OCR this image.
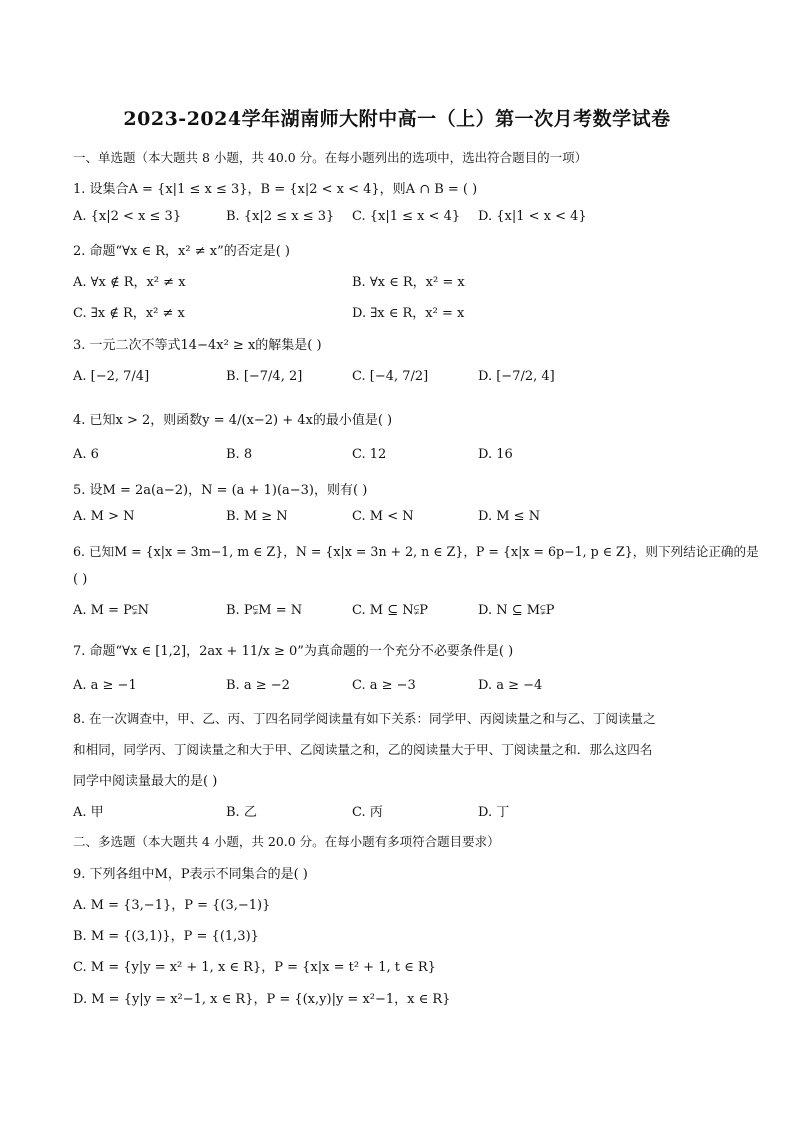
2023-2024学年湖南师大附中高一（上）第一次月考数学试卷
一、单选题（本大题共 8 小题，共 40.0 分。在每小题列出的选项中，选出符合题目的一项）
1. 设集合A = {x|1 ≤ x ≤ 3}，B = {x|2 < x < 4}，则A ∩ B = ( )
A. {x|2 < x ≤ 3}	B. {x|2 ≤ x ≤ 3} C. {x|1 ≤ x < 4} D. {x|1 < x < 4}
2. 命题“∀x ∈ R，x² ≠ x”的否定是( )
A. ∀x ∉ R，x² ≠ x	B. ∀x ∈ R，x² = x
C. ∃x ∉ R，x² ≠ x	D. ∃x ∈ R，x² = x
3. 一元二次不等式14−4x² ≥ x的解集是( )
A. [−2, 7/4]	B. [−7/4, 2]	C. [−4, 7/2]	D. [−7/2, 4]
4. 已知x > 2，则函数y = 4/(x−2) + 4x的最小值是( )
A. 6	B. 8	C. 12	D. 16
5. 设M = 2a(a−2)，N = (a + 1)(a−3)，则有( )
A. M > N	B. M ≥ N	C. M < N	D. M ≤ N
6. 已知M = {x|x = 3m−1, m ∈ Z}，N = {x|x = 3n + 2, n ∈ Z}，P = {x|x = 6p−1, p ∈ Z}，则下列结论正确的是
( )
A. M = P⫋N	B. P⫋M = N	C. M ⊆ N⫋P	D. N ⊆ M⫋P
7. 命题“∀x ∈ [1,2]，2ax + 11/x ≥ 0”为真命题的一个充分不必要条件是( )
A. a ≥ −1	B. a ≥ −2	C. a ≥ −3	D. a ≥ −4
8. 在一次调查中，甲、乙、丙、丁四名同学阅读量有如下关系：同学甲、丙阅读量之和与乙、丁阅读量之
和相同，同学丙、丁阅读量之和大于甲、乙阅读量之和，乙的阅读量大于甲、丁阅读量之和．那么这四名
同学中阅读量最大的是( )
A. 甲	B. 乙	C. 丙	D. 丁
二、多选题（本大题共 4 小题，共 20.0 分。在每小题有多项符合题目要求）
9. 下列各组中M，P表示不同集合的是( )
A. M = {3,−1}，P = {(3,−1)}
B. M = {(3,1)}，P = {(1,3)}
C. M = {y|y = x² + 1, x ∈ R}，P = {x|x = t² + 1, t ∈ R}
D. M = {y|y = x²−1, x ∈ R}，P = {(x,y)|y = x²−1，x ∈ R}
